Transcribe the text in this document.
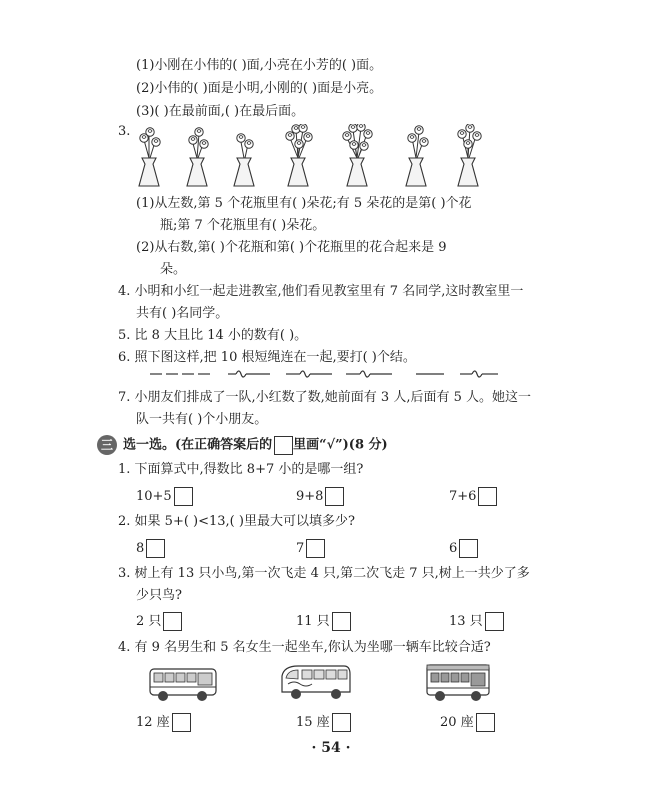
(1)小刚在小伟的( )面,小亮在小芳的( )面。
(2)小伟的( )面是小明,小刚的( )面是小亮。
(3)( )在最前面,( )在最后面。
3.
(1)从左数,第 5 个花瓶里有( )朵花;有 5 朵花的是第( )个花
瓶;第 7 个花瓶里有( )朵花。
(2)从右数,第( )个花瓶和第( )个花瓶里的花合起来是 9
朵。
4. 小明和小红一起走进教室,他们看见教室里有 7 名同学,这时教室里一
共有( )名同学。
5. 比 8 大且比 14 小的数有( )。
6. 照下图这样,把 10 根短绳连在一起,要打( )个结。
7. 小朋友们排成了一队,小红数了数,她前面有 3 人,后面有 5 人。她这一
队一共有( )个小朋友。
三 选一选。(在正确答案后的 里画“√”)(8 分)
1. 下面算式中,得数比 8+7 小的是哪一组?
10+5	9+8	7+6
2. 如果 5+( )<13,( )里最大可以填多少?
8	7	6
3. 树上有 13 只小鸟,第一次飞走 4 只,第二次飞走 7 只,树上一共少了多
少只鸟?
2 只	11 只	13 只
4. 有 9 名男生和 5 名女生一起坐车,你认为坐哪一辆车比较合适?
12 座	15 座	20 座
· 54 ·
